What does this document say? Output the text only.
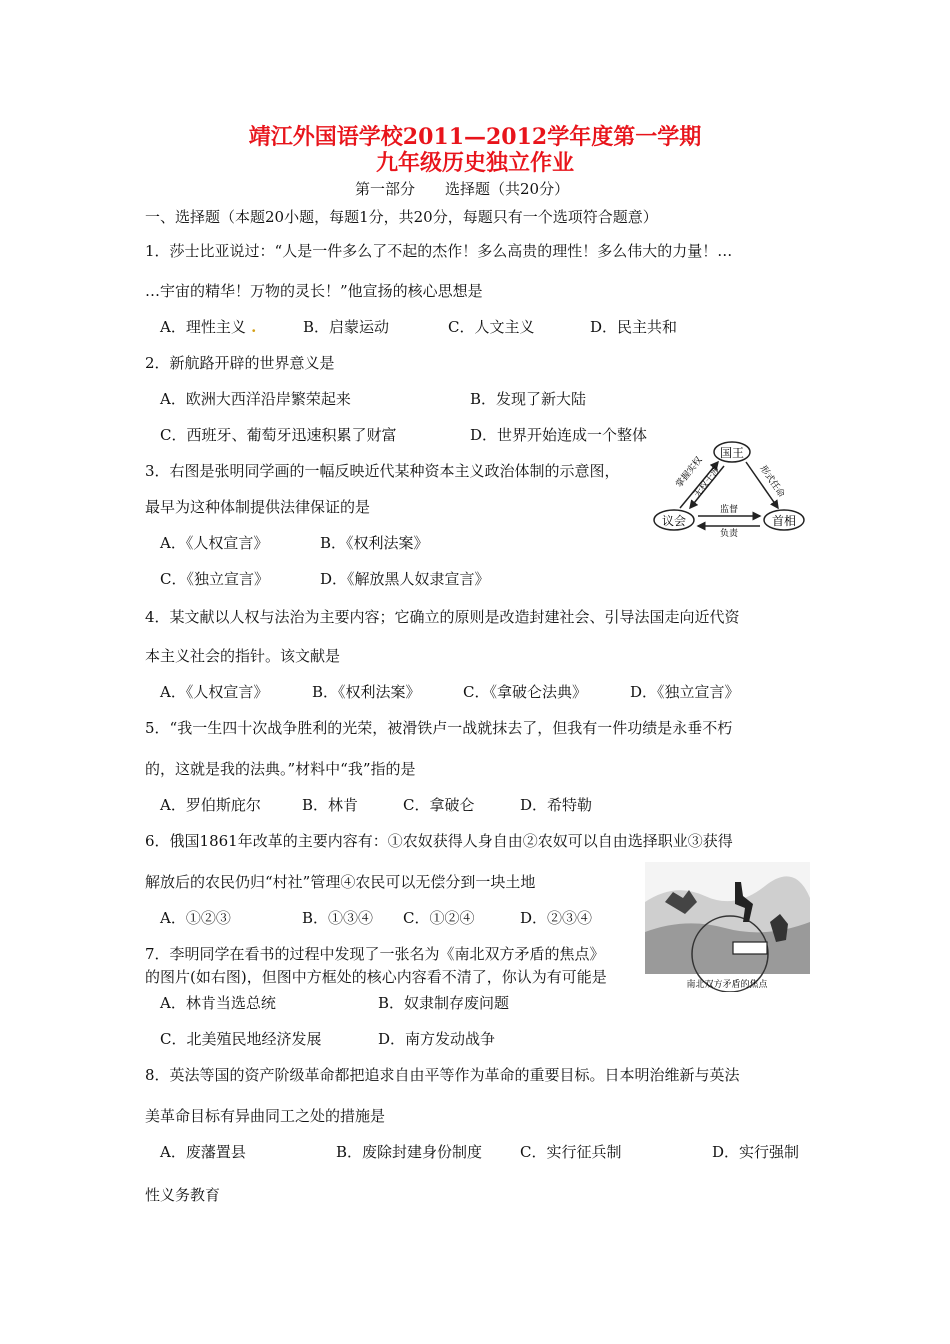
靖江外国语学校2011—2012学年度第一学期
九年级历史独立作业
第一部分　　选择题（共20分）
一、选择题（本题20小题，每题1分，共20分，每题只有一个选项符合题意）
1．莎士比亚说过：“人是一件多么了不起的杰作！多么高贵的理性！多么伟大的力量！…
…宇宙的精华！万物的灵长！”他宣扬的核心思想是
A．理性主义 .	B．启蒙运动	C．人文主义	D．民主共和
2．新航路开辟的世界意义是
A．欧洲大西洋沿岸繁荣起来	B．发现了新大陆
C．西班牙、葡萄牙迅速积累了财富	D．世界开始连成一个整体
3．右图是张明同学画的一幅反映近代某种资本主义政治体制的示意图，
最早为这种体制提供法律保证的是
A．《人权宣言》	B．《权利法案》
C．《独立宣言》	D．《解放黑人奴隶宣言》
国王
议会	首相
掌握实权
无权干涉	形式任命
监督
负责
4．某文献以人权与法治为主要内容；它确立的原则是改造封建社会、引导法国走向近代资
本主义社会的指针。该文献是
A．《人权宣言》	B．《权利法案》	C．《拿破仑法典》	D．《独立宣言》
5．“我一生四十次战争胜利的光荣，被滑铁卢一战就抹去了，但我有一件功绩是永垂不朽
的，这就是我的法典。”材料中“我”指的是
A．罗伯斯庇尔	B．林肯	C．拿破仑	D．希特勒
6．俄国1861年改革的主要内容有：①农奴获得人身自由②农奴可以自由选择职业③获得
解放后的农民仍归“村社”管理④农民可以无偿分到一块土地
A．①②③	B．①③④ C．①②④	D．②③④
南北双方矛盾的焦点
7．李明同学在看书的过程中发现了一张名为《南北双方矛盾的焦点》
的图片(如右图)，但图中方框处的核心内容看不清了，你认为有可能是
A．林肯当选总统	B．奴隶制存废问题
C．北美殖民地经济发展	D．南方发动战争
8．英法等国的资产阶级革命都把追求自由平等作为革命的重要目标。日本明治维新与英法
美革命目标有异曲同工之处的措施是
A．废藩置县	B．废除封建身份制度	C．实行征兵制	D．实行强制
性义务教育
